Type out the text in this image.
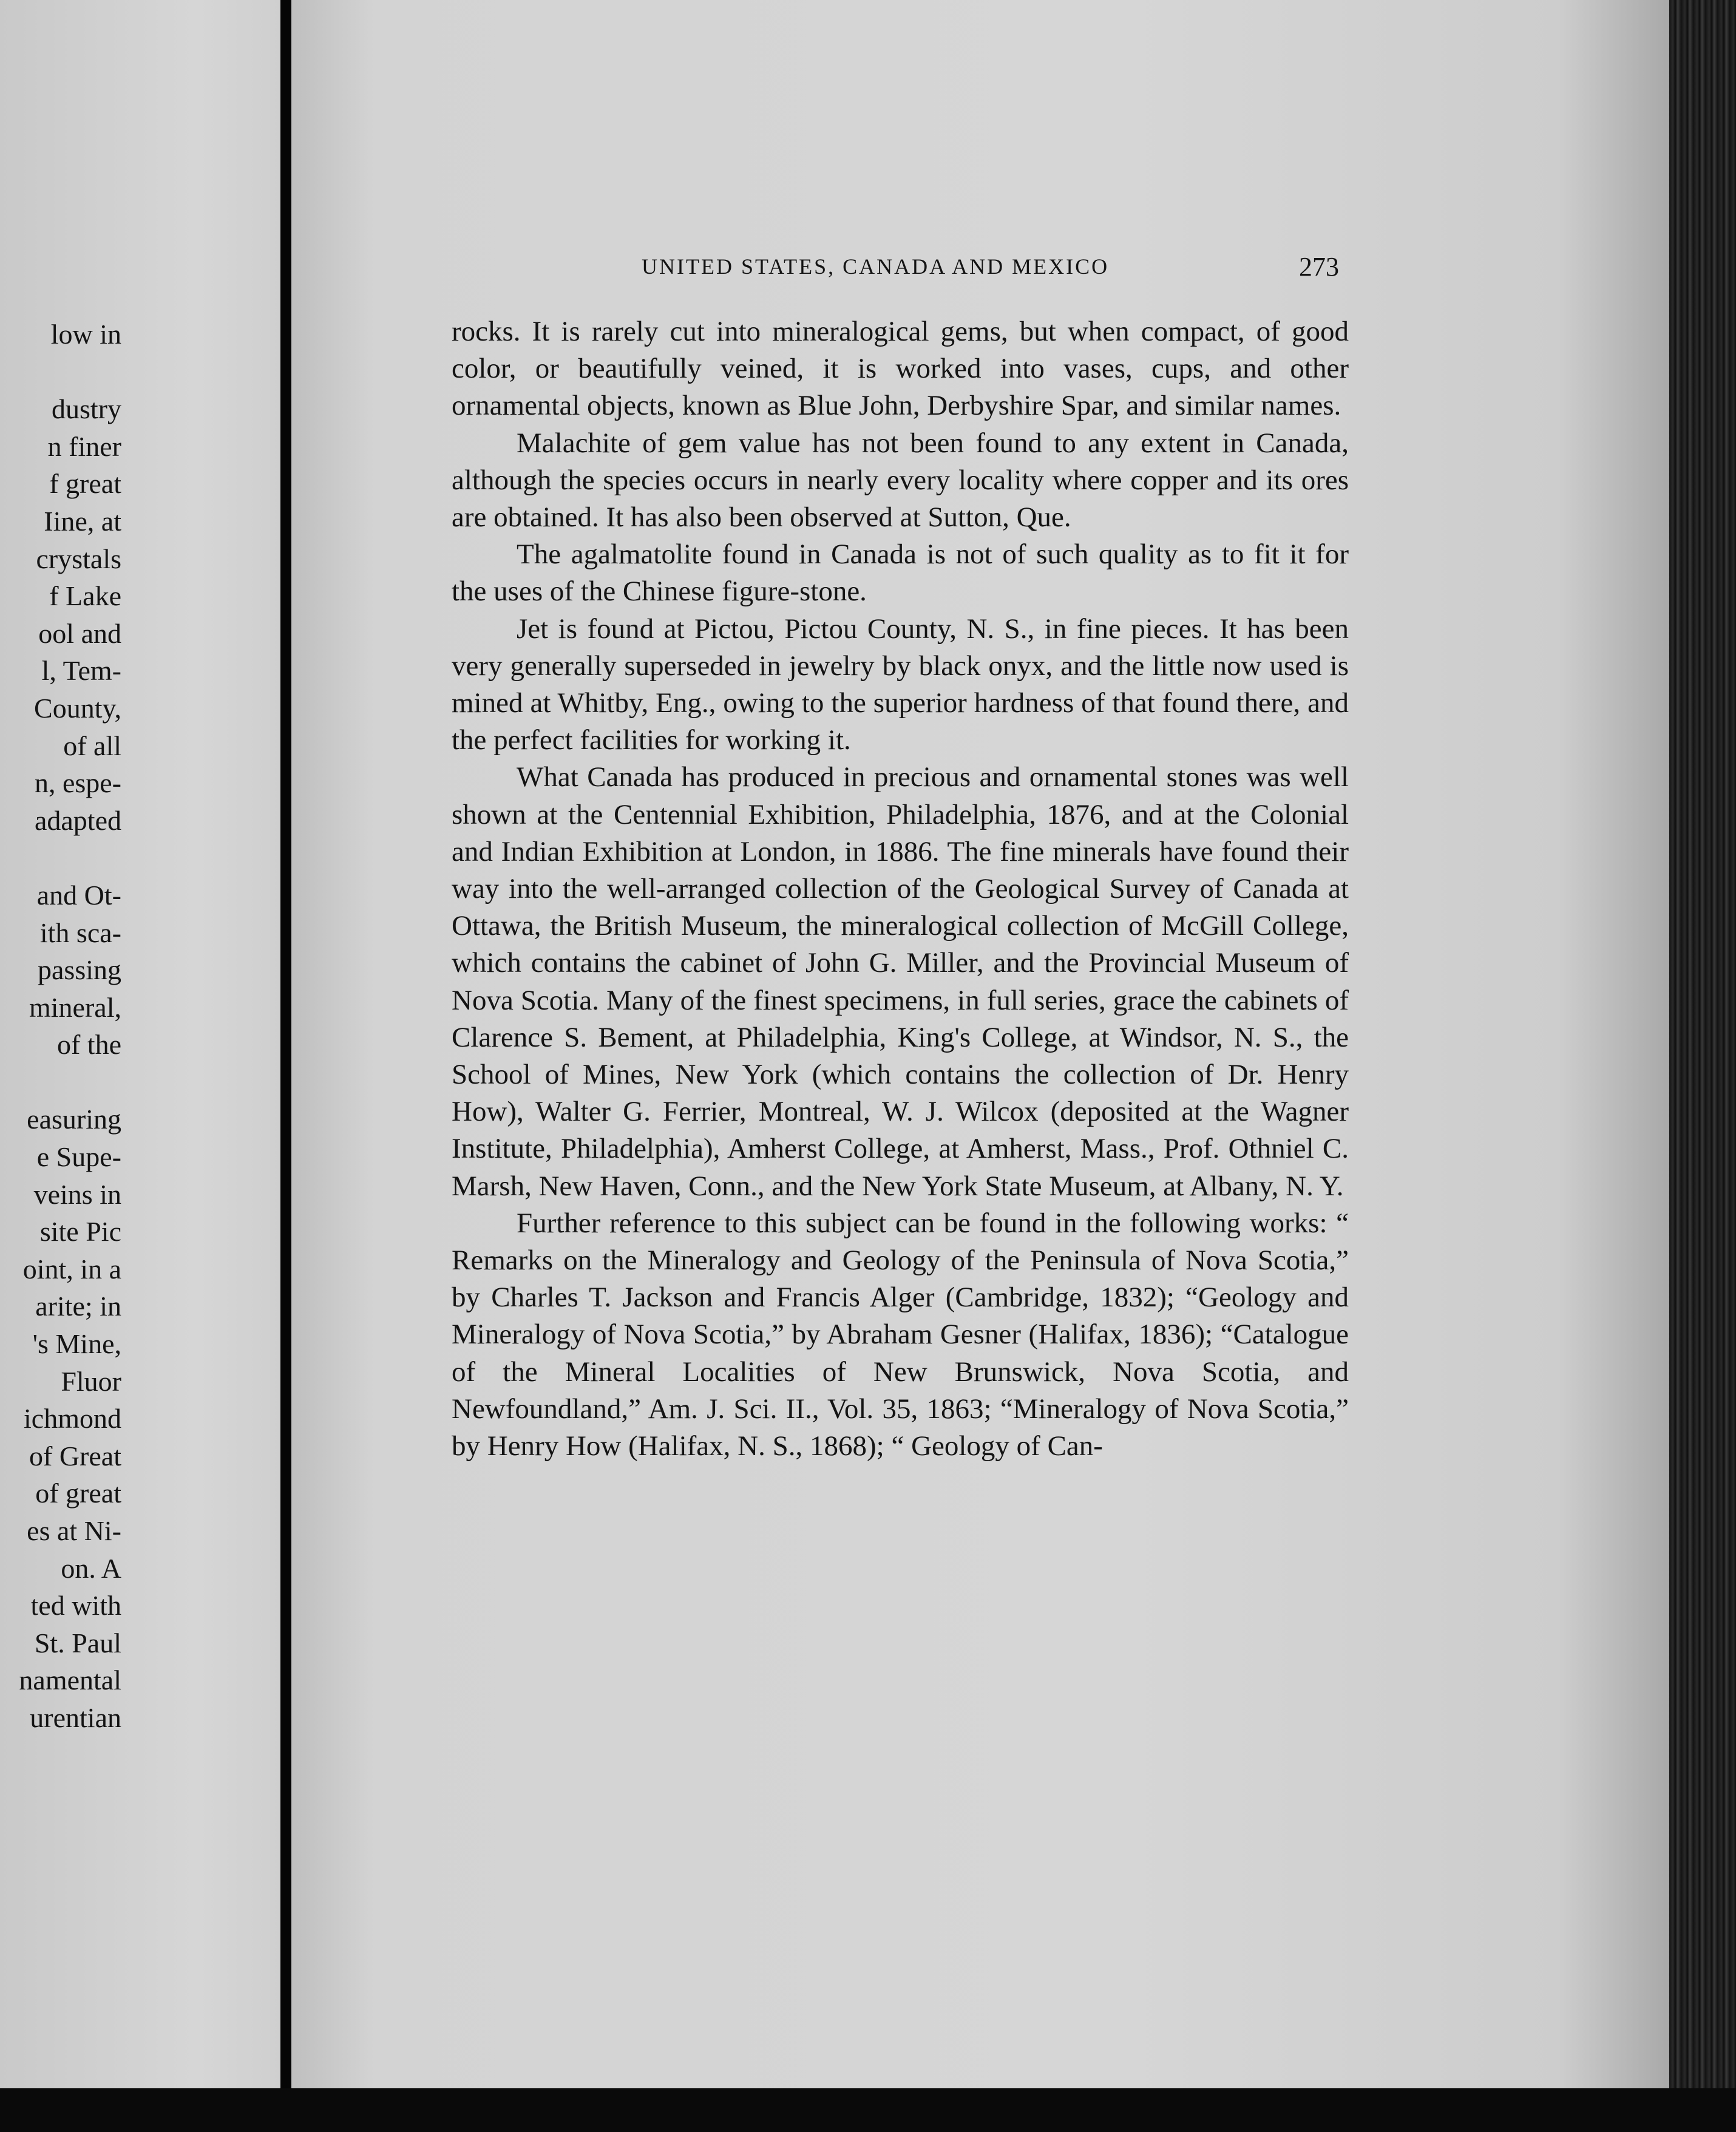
low in
dustry
n finer
f great
Iine, at
crystals
f Lake
ool and
l, Tem-
County,
of all
n, espe-
adapted
and Ot-
ith sca-
passing
mineral,
of the
easuring
e Supe-
veins in
site Pic
oint, in a
arite; in
's Mine,
Fluor
ichmond
of Great
of great
es at Ni-
on. A
ted with
St. Paul
namental
urentian
UNITED STATES, CANADA AND MEXICO	273

rocks. It is rarely cut into mineralogical gems, but when compact, of good color, or beautifully veined, it is worked into vases, cups, and other ornamental objects, known as Blue John, Derbyshire Spar, and similar names.

Malachite of gem value has not been found to any extent in Canada, although the species occurs in nearly every locality where copper and its ores are obtained. It has also been observed at Sutton, Que.

The agalmatolite found in Canada is not of such quality as to fit it for the uses of the Chinese figure-stone.

Jet is found at Pictou, Pictou County, N. S., in fine pieces. It has been very generally superseded in jewelry by black onyx, and the little now used is mined at Whitby, Eng., owing to the superior hardness of that found there, and the perfect facilities for working it.

What Canada has produced in precious and ornamental stones was well shown at the Centennial Exhibition, Philadelphia, 1876, and at the Colonial and Indian Exhibition at London, in 1886. The fine minerals have found their way into the well-arranged collection of the Geological Survey of Canada at Ottawa, the British Museum, the mineralogical collection of McGill College, which contains the cabinet of John G. Miller, and the Provincial Museum of Nova Scotia. Many of the finest specimens, in full series, grace the cabinets of Clarence S. Bement, at Philadelphia, King's College, at Windsor, N. S., the School of Mines, New York (which contains the collection of Dr. Henry How), Walter G. Ferrier, Montreal, W. J. Wilcox (deposited at the Wagner Institute, Philadelphia), Amherst College, at Amherst, Mass., Prof. Othniel C. Marsh, New Haven, Conn., and the New York State Museum, at Albany, N. Y.

Further reference to this subject can be found in the following works: “ Remarks on the Mineralogy and Geology of the Peninsula of Nova Scotia,” by Charles T. Jackson and Francis Alger (Cambridge, 1832); “Geology and Mineralogy of Nova Scotia,” by Abraham Gesner (Halifax, 1836); “Catalogue of the Mineral Localities of New Brunswick, Nova Scotia, and Newfoundland,” Am. J. Sci. II., Vol. 35, 1863; “Mineralogy of Nova Scotia,” by Henry How (Halifax, N. S., 1868); “ Geology of Can-
